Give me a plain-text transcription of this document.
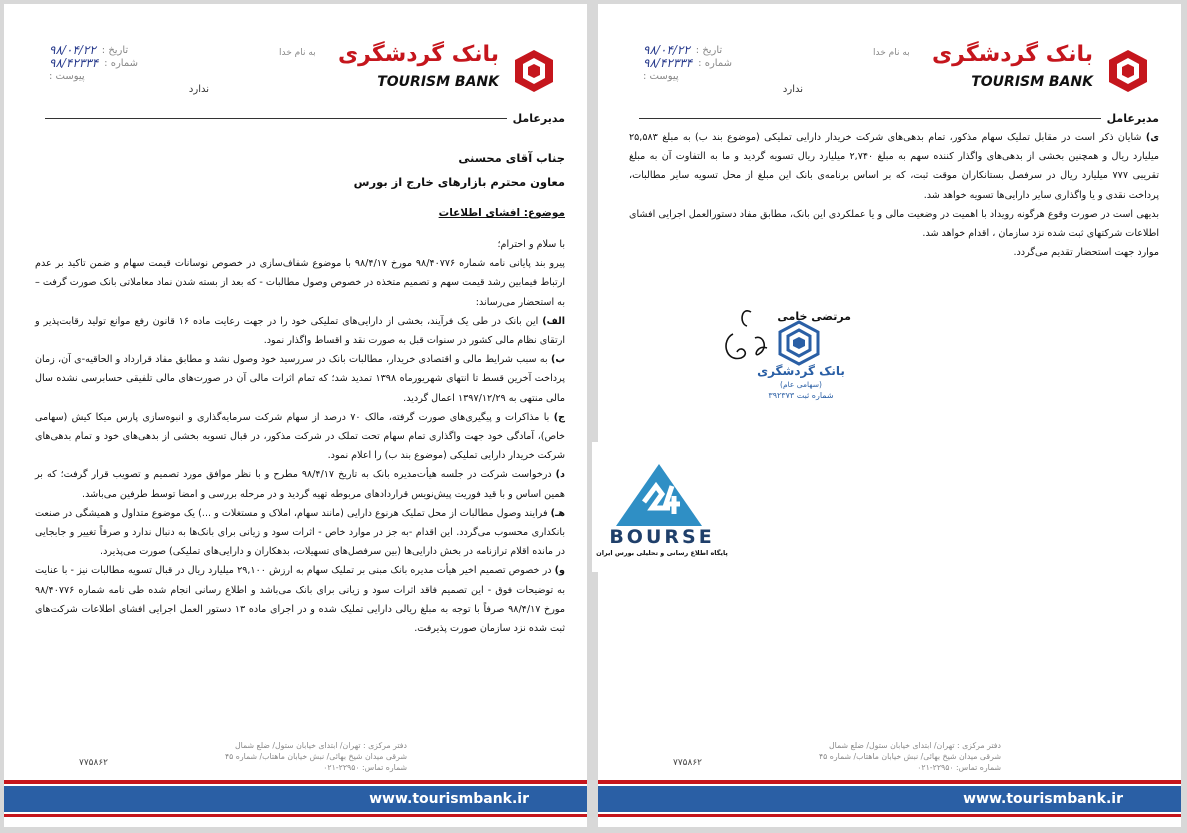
تاریخ :
۹۸/۰۴/۲۲
شماره :
۹۸/۴۲۳۳۴
پیوست :
ندارد
به نام خدا بانک گردشگری
TOURISM BANK
مدیرعامل

جناب آقای محسنی

معاون محترم بازارهای خارج از بورس

موضوع: افشای اطلاعات

با سلام و احترام؛

پیرو بند پایانی نامه شماره ۹۸/۴۰۷۷۶ مورخ ۹۸/۴/۱۷ با موضوع شفاف‌سازی در خصوص نوسانات قیمت سهام و ضمن تاکید بر عدم ارتباط فیمابین رشد قیمت سهم و تصمیم متخذه در خصوص وصول مطالبات - که بعد از بسته شدن نماد معاملاتی بانک صورت گرفت – به استحضار می‌رساند:

الف) این بانک در طی یک فرآیند، بخشی از دارایی‌های تملیکی خود را در جهت رعایت ماده ۱۶ قانون رفع موانع تولید رقابت‌پذیر و ارتقای نظام مالی کشور در سنوات قبل به صورت نقد و اقساط واگذار نمود.

ب) به سبب شرایط مالی و اقتصادی خریدار، مطالبات بانک در سررسید خود وصول نشد و مطابق مفاد قرارداد و الحاقیه-ی آن، زمان پرداخت آخرین قسط تا انتهای شهریورماه ۱۳۹۸ تمدید شد؛ که تمام اثرات مالی آن در صورت‌های مالی تلفیقی حسابرسی نشده سال مالی منتهی به ۱۳۹۷/۱۲/۲۹ اعمال گردید.

ج) با مذاکرات و پیگیری‌های صورت گرفته، مالک ۷۰ درصد از سهام شرکت سرمایه‌گذاری و انبوه‌سازی پارس میکا کیش (سهامی خاص)، آمادگی خود جهت واگذاری تمام سهام تحت تملک در شرکت مذکور، در قبال تسویه بخشی از بدهی‌های خود و تمام بدهی‌های شرکت خریدار دارایی تملیکی (موضوع بند ب) را اعلام نمود.

د) درخواست شرکت در جلسه هیأت‌مدیره بانک به تاریخ ۹۸/۴/۱۷ مطرح و با نظر موافق مورد تصمیم و تصویب قرار گرفت؛ که بر همین اساس و با قید فوریت پیش‌نویس قراردادهای مربوطه تهیه گردید و در مرحله بررسی و امضا توسط طرفین می‌باشد.

هـ) فرایند وصول مطالبات از محل تملیک هرنوع دارایی (مانند سهام، املاک و مستغلات و ...) یک موضوع متداول و همیشگی در صنعت بانکداری محسوب می‌گردد. این اقدام -به جز در موارد خاص - اثرات سود و زیانی برای بانک‌ها به دنبال ندارد و صرفاً تغییر و جابجایی در مانده اقلام ترازنامه در بخش دارایی‌ها (بین سرفصل‌های تسهیلات، بدهکاران و دارایی‌های تملیکی) صورت می‌پذیرد.

و) در خصوص تصمیم اخیر هیأت مدیره بانک مبنی بر تملیک سهام به ارزش ۲۹,۱۰۰ میلیارد ریال در قبال تسویه مطالبات نیز - با عنایت به توضیحات فوق - این تصمیم فاقد اثرات سود و زیانی برای بانک می‌باشد و اطلاع رسانی انجام شده طی نامه شماره ۹۸/۴۰۷۷۶ مورخ ۹۸/۴/۱۷ صرفاً با توجه به مبلغ ریالی دارایی تملیک شده و در اجرای ماده ۱۳ دستور العمل اجرایی افشای اطلاعات شرکت‌های ثبت شده نزد سازمان صورت پذیرفت.

دفتر مرکزی : تهران/ ابتدای خیابان ستول/ ضلع شمال
شرقی میدان شیخ بهائی/ نبش خیابان ماهتاب/ شماره ۴۵
شماره تماس: ۲۲۹۵۰-۰۲۱
۷۷۵۸۶۲
www.tourismbank.ir
تاریخ :
۹۸/۰۴/۲۲
شماره :
۹۸/۴۲۳۳۴
پیوست :
ندارد
به نام خدا بانک گردشگری
TOURISM BANK
مدیرعامل

ی) شایان ذکر است در مقابل تملیک سهام مذکور، تمام بدهی‌های شرکت خریدار دارایی تملیکی (موضوع بند ب) به مبلغ ۲۵,۵۸۳ میلیارد ریال و همچنین بخشی از بدهی‌های واگذار کننده سهم به مبلغ ۲,۷۴۰ میلیارد ریال تسویه گردید و ما به التفاوت آن به مبلغ تقریبی ۷۷۷ میلیارد ریال در سرفصل بستانکاران موقت ثبت، که بر اساس برنامه‌ی بانک این مبلغ از محل تسویه سایر مطالبات، پرداخت نقدی و یا واگذاری سایر دارایی‌ها تسویه خواهد شد.

بدیهی است در صورت وقوع هرگونه رویداد با اهمیت در وضعیت مالی و یا عملکردی این بانک، مطابق مفاد دستورالعمل اجرایی افشای اطلاعات شرکتهای ثبت شده نزد سازمان ، اقدام خواهد شد.

موارد جهت استحضار تقدیم می‌گردد.

مرتضی خامی
بانک گردشگری
(سهامی عام)
شماره ثبت ۳۹۲۳۷۳
دفتر مرکزی : تهران/ ابتدای خیابان ستول/ ضلع شمال
شرقی میدان شیخ بهائی/ نبش خیابان ماهتاب/ شماره ۴۵
شماره تماس: ۲۲۹۵۰-۰۲۱
۷۷۵۸۶۲
www.tourismbank.ir
BOURSE
پایگاه اطلاع رسانی و تحلیلی بورس ایران
